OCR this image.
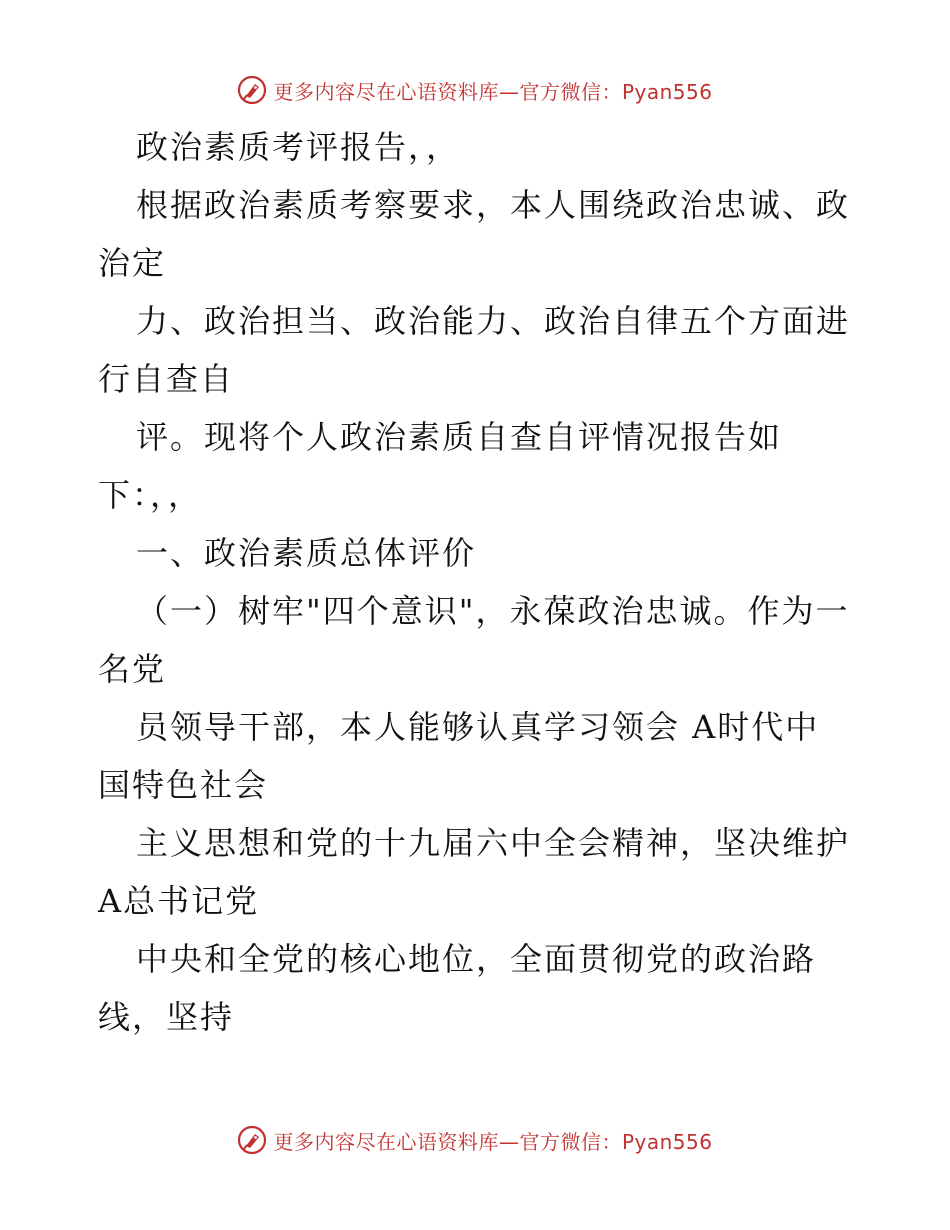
更多内容尽在心语资料库—官方微信：Pyan556
政治素质考评报告，，
根据政治素质考察要求，本人围绕政治忠诚、政
治定
力、政治担当、政治能力、政治自律五个方面进
行自查自
评。现将个人政治素质自查自评情况报告如
下：，，
一、政治素质总体评价
（一）树牢"四个意识"，永葆政治忠诚。作为一
名党
员领导干部，本人能够认真学习领会 A时代中
国特色社会
主义思想和党的十九届六中全会精神，坚决维护
A总书记党
中央和全党的核心地位，全面贯彻党的政治路
线，坚持
更多内容尽在心语资料库—官方微信：Pyan556
